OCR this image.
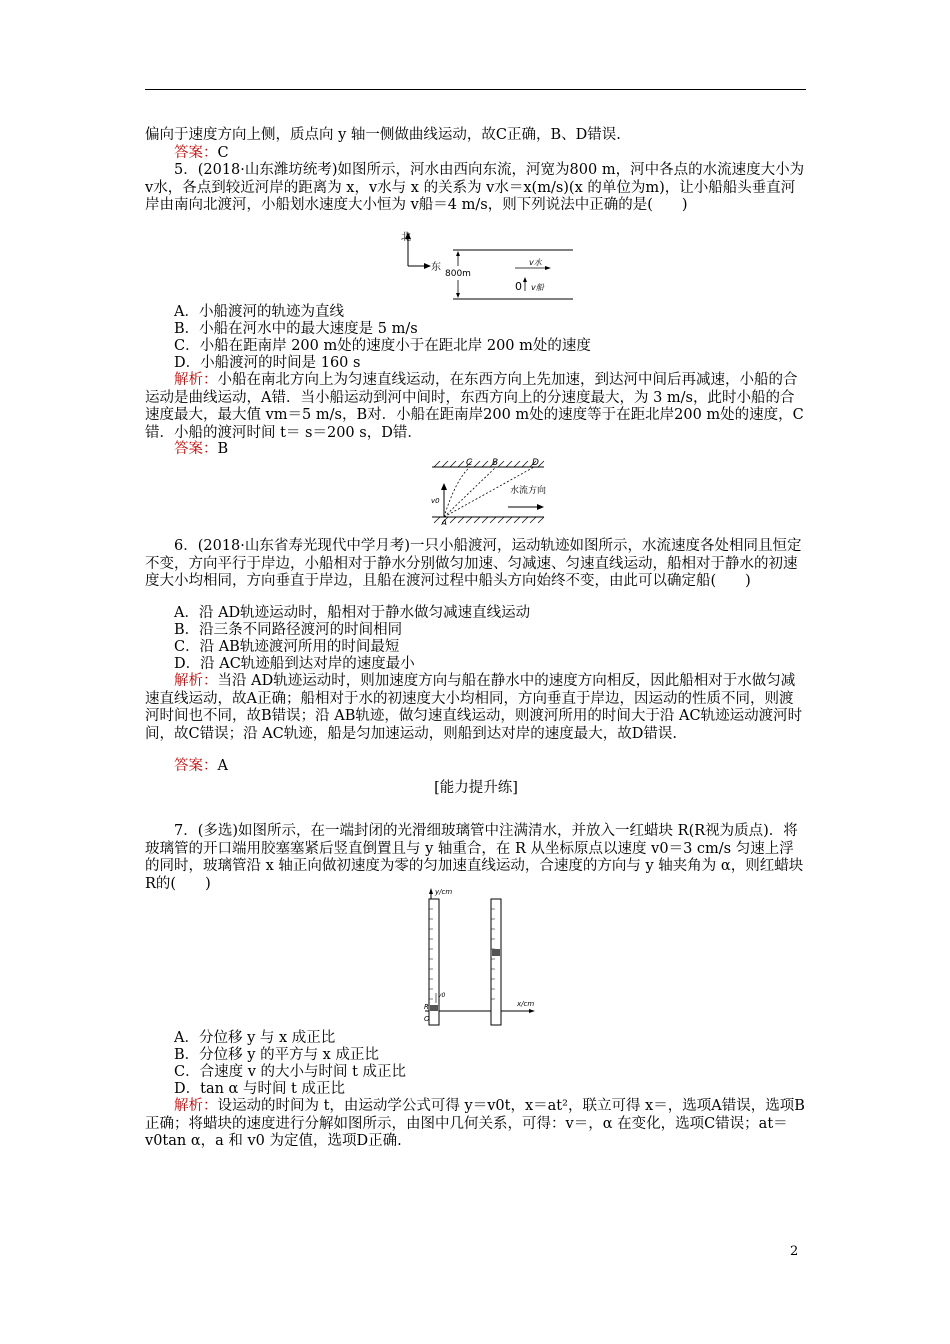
偏向于速度方向上侧，质点向 y 轴一侧做曲线运动，故C正确，B、D错误.
答案：C
5．(2018·山东潍坊统考)如图所示，河水由西向东流，河宽为800 m，河中各点的水流速度大小为 v水，各点到较近河岸的距离为 x，v水与 x 的关系为 v水＝x(m/s)(x 的单位为m)，让小船船头垂直河岸由南向北渡河，小船划水速度大小恒为 v船＝4 m/s，则下列说法中正确的是(　　)
北
东
800m
v水
0 v船
A．小船渡河的轨迹为直线
B．小船在河水中的最大速度是 5 m/s
C．小船在距南岸 200 m处的速度小于在距北岸 200 m处的速度
D．小船渡河的时间是 160 s
解析：小船在南北方向上为匀速直线运动，在东西方向上先加速，到达河中间后再减速，小船的合运动是曲线运动，A错．当小船运动到河中间时，东西方向上的分速度最大，为 3 m/s，此时小船的合速度最大，最大值 vm＝5 m/s，B对．小船在距南岸200 m处的速度等于在距北岸200 m处的速度，C错．小船的渡河时间 t＝ s＝200 s，D错．
答案：B
C B	D
A
v0
水流方向
6．(2018·山东省寿光现代中学月考)一只小船渡河，运动轨迹如图所示，水流速度各处相同且恒定不变，方向平行于岸边，小船相对于静水分别做匀加速、匀减速、匀速直线运动，船相对于静水的初速度大小均相同，方向垂直于岸边，且船在渡河过程中船头方向始终不变，由此可以确定船(　　)
A．沿 AD轨迹运动时，船相对于静水做匀减速直线运动
B．沿三条不同路径渡河的时间相同
C．沿 AB轨迹渡河所用的时间最短
D．沿 AC轨迹船到达对岸的速度最小
解析：当沿 AD轨迹运动时，则加速度方向与船在静水中的速度方向相反，因此船相对于水做匀减速直线运动，故A正确；船相对于水的初速度大小均相同，方向垂直于岸边，因运动的性质不同，则渡河时间也不同，故B错误；沿 AB轨迹，做匀速直线运动，则渡河所用的时间大于沿 AC轨迹运动渡河时间，故C错误；沿 AC轨迹，船是匀加速运动，则船到达对岸的速度最大，故D错误.
答案：A
[能力提升练]
7．(多选)如图所示，在一端封闭的光滑细玻璃管中注满清水，并放入一红蜡块 R(R视为质点)．将玻璃管的开口端用胶塞塞紧后竖直倒置且与 y 轴重合，在 R 从坐标原点以速度 v0＝3 cm/s 匀速上浮的同时，玻璃管沿 x 轴正向做初速度为零的匀加速直线运动，合速度的方向与 y 轴夹角为 α，则红蜡块 R的(　　)
y/cm
x/cm
v0
R
O
A．分位移 y 与 x 成正比
B．分位移 y 的平方与 x 成正比
C．合速度 v 的大小与时间 t 成正比
D．tan α 与时间 t 成正比
解析：设运动的时间为 t，由运动学公式可得 y＝v0t，x＝at²，联立可得 x＝，选项A错误，选项B正确；将蜡块的速度进行分解如图所示，由图中几何关系，可得：v＝，α 在变化，选项C错误；at＝v0tan α，a 和 v0 为定值，选项D正确.
2
